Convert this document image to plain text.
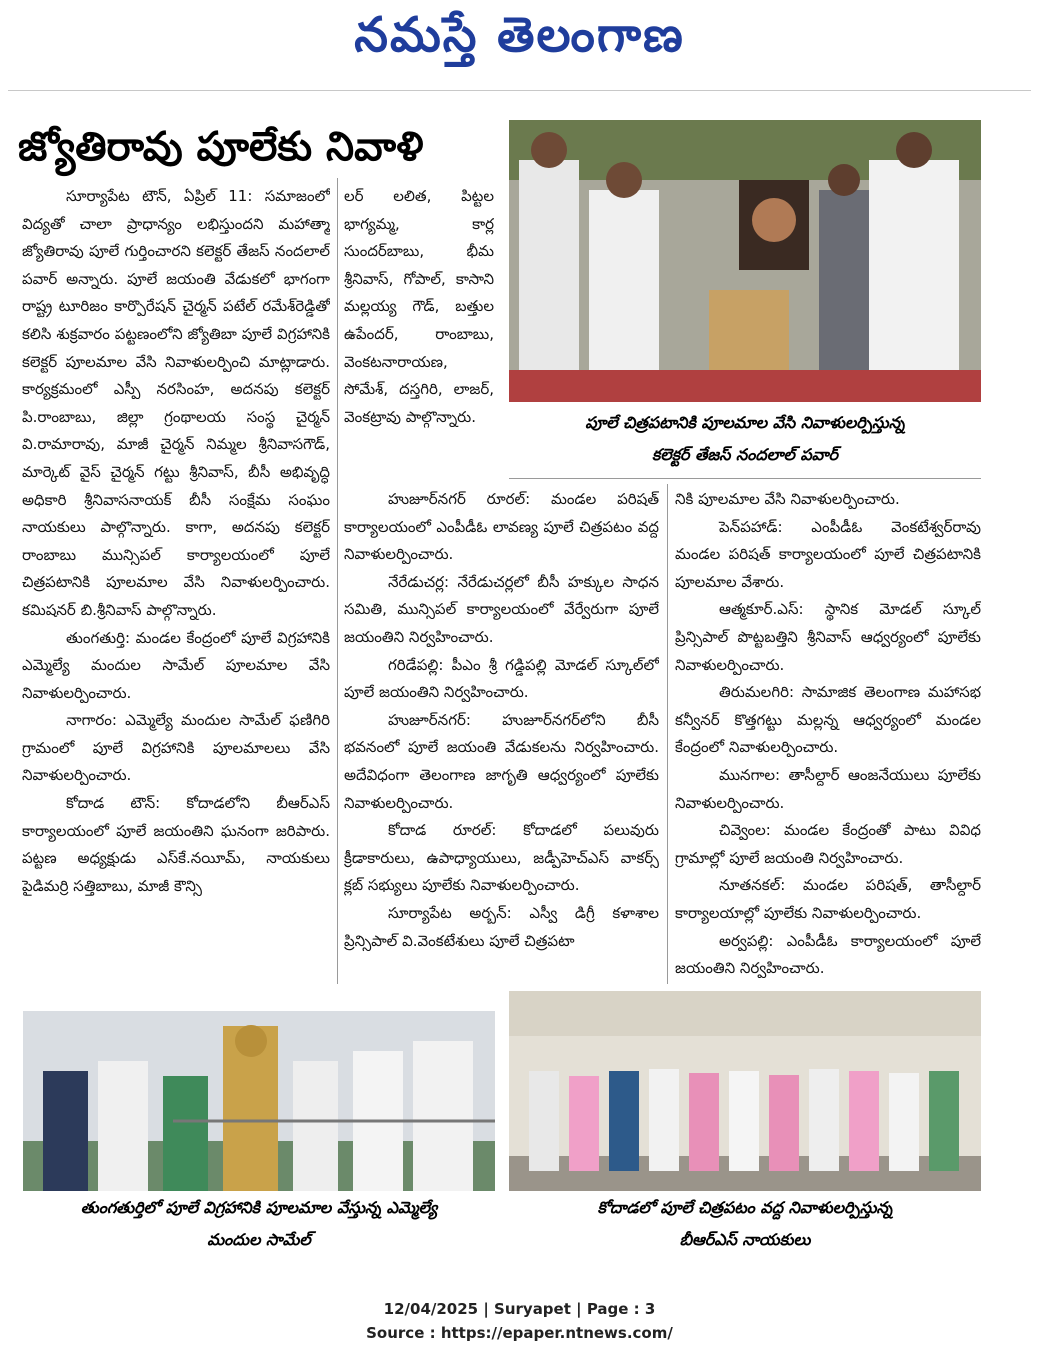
నమస్తే తెలంగాణ
జ్యోతిరావు పూలేకు నివాళి
పూలే చిత్రపటానికి పూలమాల వేసి నివాళులర్పిస్తున్న
కలెక్టర్ తేజస్ నందలాల్ పవార్

సూర్యాపేట టౌన్, ఏప్రిల్ 11: సమాజంలో విద్యతో చాలా ప్రాధాన్యం లభిస్తుందని మహాత్మా జ్యోతిరావు పూలే గుర్తించారని కలెక్టర్ తేజస్ నందలాల్ పవార్ అన్నారు. పూలే జయంతి వేడుకలో భాగంగా రాష్ట్ర టూరిజం కార్పొరేషన్ చైర్మన్ పటేల్ రమేశ్‌రెడ్డితో కలిసి శుక్రవారం పట్టణంలోని జ్యోతిబా పూలే విగ్రహానికి కలెక్టర్ పూలమాల వేసి నివాళులర్పించి మాట్లాడారు. కార్యక్రమంలో ఎస్పీ నరసింహ, అదనపు కలెక్టర్ పి.రాంబాబు, జిల్లా గ్రంథాలయ సంస్థ చైర్మన్ వి.రామారావు, మాజీ చైర్మన్ నిమ్మల శ్రీనివాసగౌడ్, మార్కెట్ వైస్ చైర్మన్ గట్టు శ్రీనివాస్, బీసీ అభివృద్ధి అధికారి శ్రీనివాసనాయక్ బీసీ సంక్షేమ సంఘం నాయకులు పాల్గొన్నారు. కాగా, అదనపు కలెక్టర్ రాంబాబు మున్సిపల్ కార్యాలయంలో పూలే చిత్రపటానికి పూలమాల వేసి నివాళులర్పించారు. కమిషనర్ బి.శ్రీనివాస్ పాల్గొన్నారు.

తుంగతుర్తి: మండల కేంద్రంలో పూలే విగ్రహానికి ఎమ్మెల్యే మందుల సామేల్ పూలమాల వేసి నివాళులర్పించారు.

నాగారం: ఎమ్మెల్యే మందుల సామేల్ ఫణిగిరి గ్రామంలో పూలే విగ్రహానికి పూలమాలలు వేసి నివాళులర్పించారు.

కోదాడ టౌన్: కోదాడలోని బీఆర్ఎస్ కార్యాలయంలో పూలే జయంతిని ఘనంగా జరిపారు. పట్టణ అధ్యక్షుడు ఎస్‌కే.నయీమ్, నాయకులు పైడిమర్రి సత్తిబాబు, మాజీ కౌన్సి

లర్ లలిత, పిట్టల భాగ్యమ్మ, కార్ల సుందర్‌బాబు, భీమ శ్రీనివాస్, గోపాల్, కాసాని మల్లయ్య గౌడ్, బత్తుల ఉపేందర్, రాంబాబు, వెంకటనారాయణ, సోమేశ్, దస్తగిరి, లాజర్, వెంకట్రావు పాల్గొన్నారు.

హుజూర్‌నగర్ రూరల్: మండల పరిషత్ కార్యాలయంలో ఎంపీడీఓ లావణ్య పూలే చిత్రపటం వద్ద నివాళులర్పించారు.

నేరేడుచర్ల: నేరేడుచర్లలో బీసీ హక్కుల సాధన సమితి, మున్సిపల్ కార్యాలయంలో వేర్వేరుగా పూలే జయంతిని నిర్వహించారు.

గరిడేపల్లి: పీఎం శ్రీ గడ్డిపల్లి మోడల్ స్కూల్‌లో పూలే జయంతిని నిర్వహించారు.

హుజూర్‌నగర్: హుజూర్‌నగర్‌లోని బీసీ భవనంలో పూలే జయంతి వేడుకలను నిర్వహించారు. అదేవిధంగా తెలంగాణ జాగృతి ఆధ్వర్యంలో పూలేకు నివాళులర్పించారు.

కోదాడ రూరల్: కోదాడలో పలువురు క్రీడాకారులు, ఉపాధ్యాయులు, జడ్పీహెచ్ఎస్ వాకర్స్ క్లబ్ సభ్యులు పూలేకు నివాళులర్పించారు.

సూర్యాపేట అర్బన్: ఎస్వీ డిగ్రీ కళాశాల ప్రిన్సిపాల్ వి.వెంకటేశులు పూలే చిత్రపటా

నికి పూలమాల వేసి నివాళులర్పించారు.

పెన్‌పహాడ్: ఎంపీడీఓ వెంకటేశ్వర్‌రావు మండల పరిషత్ కార్యాలయంలో పూలే చిత్రపటానికి పూలమాల వేశారు.

ఆత్మకూర్.ఎస్: స్థానిక మోడల్ స్కూల్ ప్రిన్సిపాల్ పొట్టబత్తిని శ్రీనివాస్ ఆధ్వర్యంలో పూలేకు నివాళులర్పించారు.

తిరుమలగిరి: సామాజిక తెలంగాణ మహాసభ కన్వీనర్ కొత్తగట్టు మల్లన్న ఆధ్వర్యంలో మండల కేంద్రంలో నివాళులర్పించారు.

మునగాల: తాసీల్దార్ ఆంజనేయులు పూలేకు నివాళులర్పించారు.

చివ్వెంల: మండల కేంద్రంతో పాటు వివిధ గ్రామాల్లో పూలే జయంతి నిర్వహించారు.

నూతనకల్: మండల పరిషత్, తాసీల్దార్ కార్యాలయాల్లో పూలేకు నివాళులర్పించారు.

అర్వపల్లి: ఎంపీడీఓ కార్యాలయంలో పూలే జయంతిని నిర్వహించారు.

తుంగతుర్తిలో పూలే విగ్రహానికి పూలమాల వేస్తున్న ఎమ్మెల్యే
మందుల సామేల్
కోదాడలో పూలే చిత్రపటం వద్ద నివాళులర్పిస్తున్న
బీఆర్ఎస్ నాయకులు
12/04/2025 | Suryapet | Page : 3
Source : https://epaper.ntnews.com/
